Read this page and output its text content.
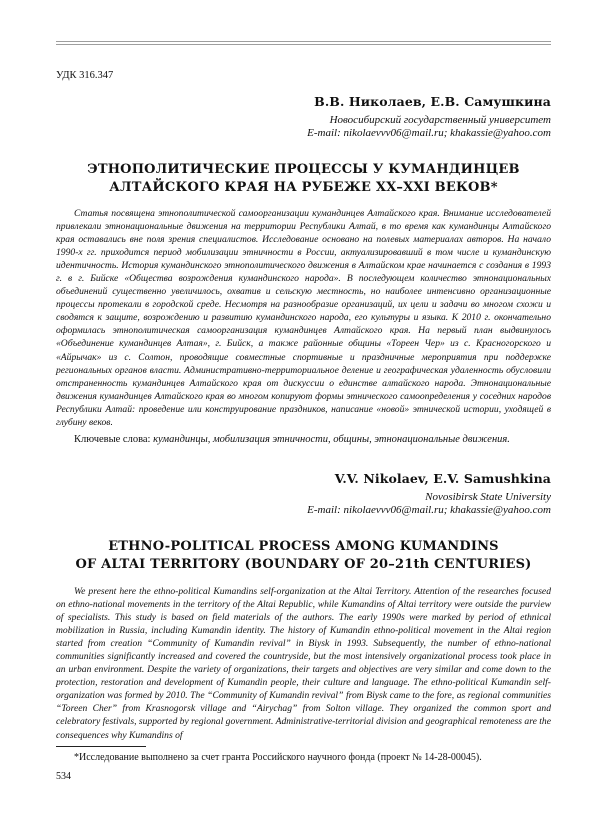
УДК 316.347
В.В. Николаев, Е.В. Самушкина
Новосибирский государственный университет
E-mail: nikolaevvv06@mail.ru; khakassie@yahoo.com
ЭТНОПОЛИТИЧЕСКИЕ ПРОЦЕССЫ У КУМАНДИНЦЕВ
АЛТАЙСКОГО КРАЯ НА РУБЕЖЕ XX–XXI ВЕКОВ*

Статья посвящена этнополитической самоорганизации кумандинцев Алтайского края. Внимание исследователей привлекали этнонациональные движения на территории Республики Алтай, в то время как кумандинцы Алтайского края оставались вне поля зрения специалистов. Исследование основано на полевых материалах авторов. На начало 1990-х гг. приходится период мобилизации этничности в России, актуализировавший в том числе и кумандинскую идентичность. История кумандинского этнополитического движения в Алтайском крае начинается с создания в 1993 г. в г. Бийске «Общества возрождения кумандинского народа». В последующем количество этнонациональных объединений существенно увеличилось, охватив и сельскую местность, но наиболее интенсивно организационные процессы протекали в городской среде. Несмотря на разнообразие организаций, их цели и задачи во многом схожи и сводятся к защите, возрождению и развитию кумандинского народа, его культуры и языка. К 2010 г. окончательно оформилась этнополитическая самоорганизация кумандинцев Алтайского края. На первый план выдвинулось «Объединение кумандинцев Алтая», г. Бийск, а также районные общины «Тореен Чер» из с. Красногорского и «Айрычак» из с. Солтон, проводящие совместные спортивные и праздничные мероприятия при поддержке региональных органов власти. Административно-территориальное деление и географическая удаленность обусловили отстраненность кумандинцев Алтайского края от дискуссии о единстве алтайского народа. Этнонациональные движения кумандинцев Алтайского края во многом копируют формы этнического самоопределения у соседних народов Республики Алтай: проведение или конструирование праздников, написание «новой» этнической истории, уходящей в глубину веков.

Ключевые слова: кумандинцы, мобилизация этничности, общины, этнонациональные движения.
V.V. Nikolaev, E.V. Samushkina
Novosibirsk State University
E-mail: nikolaevvv06@mail.ru; khakassie@yahoo.com
ETHNO-POLITICAL PROCESS AMONG KUMANDINS
OF ALTAI TERRITORY (BOUNDARY OF 20–21th CENTURIES)

We present here the ethno-political Kumandins self-organization at the Altai Territory. Attention of the researches focused on ethno-national movements in the territory of the Altai Republic, while Kumandins of Altai territory were outside the purview of specialists. This study is based on field materials of the authors. The early 1990s were marked by period of ethnical mobilization in Russia, including Kumandin identity. The history of Kumandin ethno-political movement in the Altai region started from creation “Community of Kumandin revival” in Biysk in 1993. Subsequently, the number of ethno-national communities significantly increased and covered the countryside, but the most intensively organizational process took place in an urban environment. Despite the variety of organizations, their targets and objectives are very similar and come down to the protection, restoration and development of Kumandin people, their culture and language. The ethno-political Kumandin self-organization was formed by 2010. The “Community of Kumandin revival” from Biysk came to the fore, as regional communities “Toreen Cher” from Krasnogorsk village and “Airychag” from Solton village. They organized the common sport and celebratory festivals, supported by regional government. Administrative-territorial division and geographical remoteness are the consequences why Kumandins of

*Исследование выполнено за счет гранта Российского научного фонда (проект № 14-28-00045).
534
